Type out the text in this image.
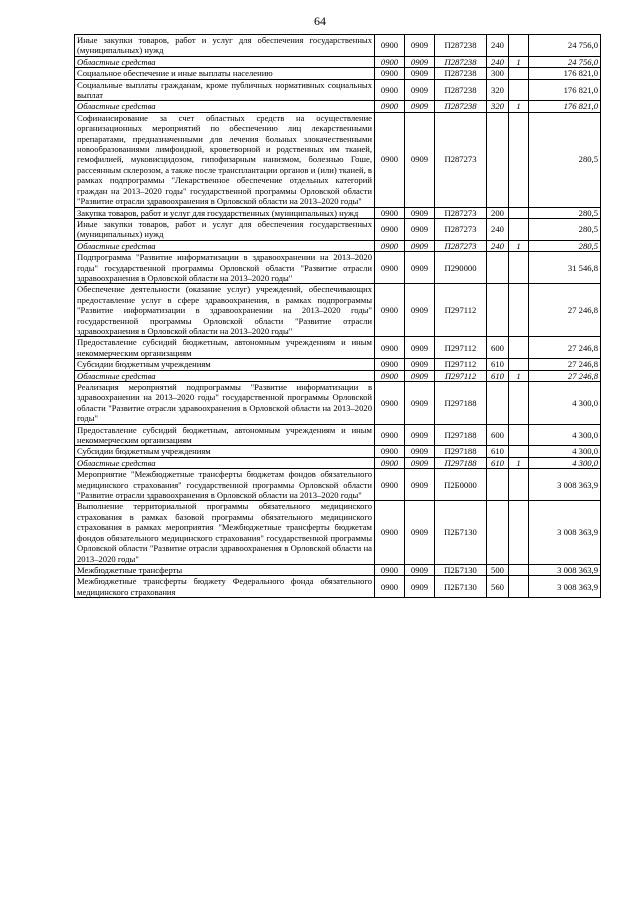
64
Иные закупки товаров, работ и услуг для обеспечения государственных (муниципальных) нужд	0900	0909	П287238	240		24 756,0
Областные средства	0900	0909	П287238	240	1	24 756,0
Социальное обеспечение и иные выплаты населению	0900	0909	П287238	300		176 821,0
Социальные выплаты гражданам, кроме публичных нормативных социальных выплат	0900	0909	П287238	320		176 821,0
Областные средства	0900	0909	П287238	320	1	176 821,0
Софинансирование за счет областных средств на осуществление организационных мероприятий по обеспечению лиц лекарственными препаратами, предназначенными для лечения больных злокачественными новообразованиями лимфоидной, кроветворной и родственных им тканей, гемофилией, муковисцидозом, гипофизарным нанизмом, болезнью Гоше, рассеянным склерозом, а также после трансплантации органов и (или) тканей, в рамках подпрограммы "Лекарственное обеспечение отдельных категорий граждан на 2013–2020 годы" государственной программы Орловской области "Развитие отрасли здравоохранения в Орловской области на 2013–2020 годы"	0900	0909	П287273			280,5
Закупка товаров, работ и услуг для государственных (муниципальных) нужд	0900	0909	П287273	200		280,5
Иные закупки товаров, работ и услуг для обеспечения государственных (муниципальных) нужд	0900	0909	П287273	240		280,5
Областные средства	0900	0909	П287273	240	1	280,5
Подпрограмма "Развитие информатизации в здравоохранении на 2013–2020 годы" государственной программы Орловской области "Развитие отрасли здравоохранения в Орловской области на 2013–2020 годы"	0900	0909	П290000			31 546,8
Обеспечение деятельности (оказание услуг) учреждений, обеспечивающих предоставление услуг в сфере здравоохранения, в рамках подпрограммы "Развитие информатизации в здравоохранении на 2013–2020 годы" государственной программы Орловской области "Развитие отрасли здравоохранения в Орловской области на 2013–2020 годы"	0900	0909	П297112			27 246,8
Предоставление субсидий бюджетным, автономным учреждениям и иным некоммерческим организациям	0900	0909	П297112	600		27 246,8
Субсидии бюджетным учреждениям	0900	0909	П297112	610		27 246,8
Областные средства	0900	0909	П297112	610	1	27 246,8
Реализация мероприятий подпрограммы "Развитие информатизации в здравоохранении на 2013–2020 годы" государственной программы Орловской области "Развитие отрасли здравоохранения в Орловской области на 2013–2020 годы"	0900	0909	П297188			4 300,0
Предоставление субсидий бюджетным, автономным учреждениям и иным некоммерческим организациям	0900	0909	П297188	600		4 300,0
Субсидии бюджетным учреждениям	0900	0909	П297188	610		4 300,0
Областные средства	0900	0909	П297188	610	1	4 300,0
Мероприятие "Межбюджетные трансферты бюджетам фондов обязательного медицинского страхования" государственной программы Орловской области "Развитие отрасли здравоохранения в Орловской области на 2013–2020 годы"	0900	0909	П2Б0000			3 008 363,9
Выполнение территориальной программы обязательного медицинского страхования в рамках базовой программы обязательного медицинского страхования в рамках мероприятия "Межбюджетные трансферты бюджетам фондов обязательного медицинского страхования" государственной программы Орловской области "Развитие отрасли здравоохранения в Орловской области на 2013–2020 годы"	0900	0909	П2Б7130			3 008 363,9
Межбюджетные трансферты	0900	0909	П2Б7130	500		3 008 363,9
Межбюджетные трансферты бюджету Федерального фонда обязательного медицинского страхования	0900	0909	П2Б7130	560		3 008 363,9
